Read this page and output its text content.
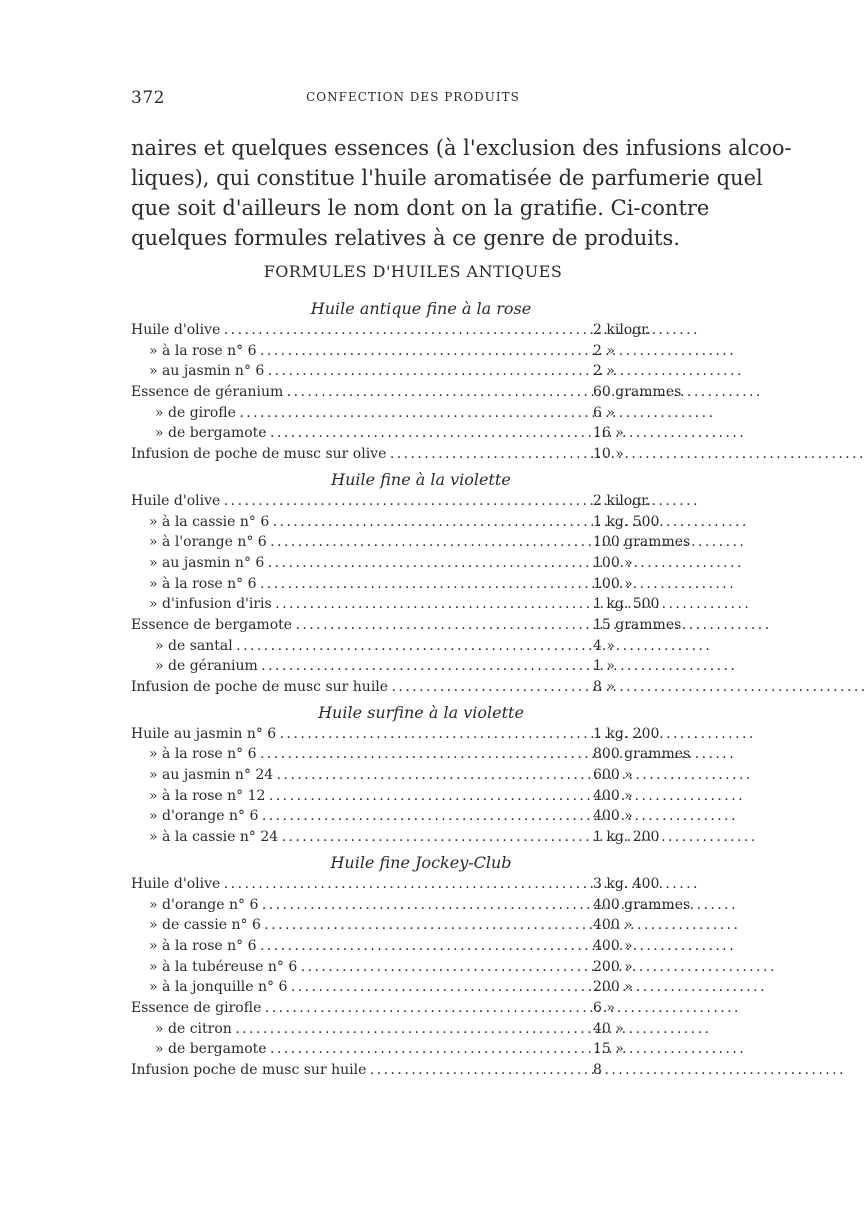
372	CONFECTION DES PRODUITS
naires et quelques essences (à l'exclusion des infusions alcoo-
liques), qui constitue l'huile aromatisée de parfumerie quel
que soit d'ailleurs le nom dont on la gratifie. Ci-contre
quelques formules relatives à ce genre de produits.
FORMULES D'HUILES ANTIQUES
Huile antique fine à la rose
Huile d'olive . . .	2 kilogr.
» à la rose n° 6 . . .	2 »
» au jasmin n° 6 . . .	2 »
Essence de géranium . . .	60 grammes
» de girofle . . .	6 »
» de bergamote . . .	16 »
Infusion de poche de musc sur olive . . .	10 »
Huile fine à la violette
Huile d'olive . . .	2 kilogr.
» à la cassie n° 6 . . .	1 kg. 500
» à l'orange n° 6 . . .	100 grammes
» au jasmin n° 6 . . .	100 »
» à la rose n° 6 . . .	100 »
» d'infusion d'iris . . .	1 kg. 500
Essence de bergamote . . .	15 grammes
» de santal . . .	4 »
» de géranium . . .	1 »
Infusion de poche de musc sur huile . . .	8 »
Huile surfine à la violette
Huile au jasmin n° 6 . . .	1 kg. 200
» à la rose n° 6 . . .	800 grammes
» au jasmin n° 24 . . .	600 »
» à la rose n° 12 . . .	400 »
» d'orange n° 6 . . .	400 »
» à la cassie n° 24 . . .	1 kg. 200
Huile fine Jockey-Club
Huile d'olive . . .	3 kg. 400
» d'orange n° 6 . . .	400 grammes
» de cassie n° 6 . . .	400 »
» à la rose n° 6 . . .	400 »
» à la tubéreuse n° 6 . . .	200 »
» à la jonquille n° 6 . . .	200 »
Essence de girofle . . .	6 »
» de citron . . .	40 »
» de bergamote . . .	15 »
Infusion poche de musc sur huile . . .	8
